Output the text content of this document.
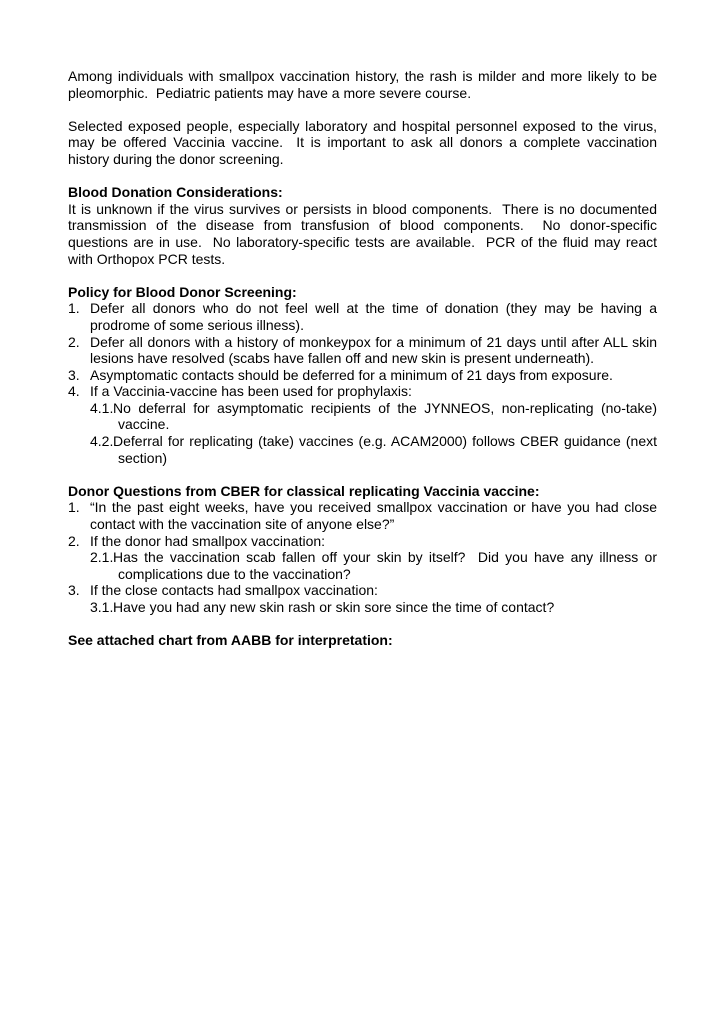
Among individuals with smallpox vaccination history, the rash is milder and more likely to be pleomorphic.  Pediatric patients may have a more severe course.
Selected exposed people, especially laboratory and hospital personnel exposed to the virus, may be offered Vaccinia vaccine.  It is important to ask all donors a complete vaccination history during the donor screening.
Blood Donation Considerations:
It is unknown if the virus survives or persists in blood components.  There is no documented transmission of the disease from transfusion of blood components.  No donor-specific questions are in use.  No laboratory-specific tests are available.  PCR of the fluid may react with Orthopox PCR tests.
Policy for Blood Donor Screening:
1. Defer all donors who do not feel well at the time of donation (they may be having a prodrome of some serious illness).
2. Defer all donors with a history of monkeypox for a minimum of 21 days until after ALL skin lesions have resolved (scabs have fallen off and new skin is present underneath).
3. Asymptomatic contacts should be deferred for a minimum of 21 days from exposure.
4. If a Vaccinia-vaccine has been used for prophylaxis:
4.1.No deferral for asymptomatic recipients of the JYNNEOS, non-replicating (no-take) vaccine.
4.2.Deferral for replicating (take) vaccines (e.g. ACAM2000) follows CBER guidance (next section)
Donor Questions from CBER for classical replicating Vaccinia vaccine:
1. “In the past eight weeks, have you received smallpox vaccination or have you had close contact with the vaccination site of anyone else?”
2. If the donor had smallpox vaccination:
2.1.Has the vaccination scab fallen off your skin by itself?  Did you have any illness or complications due to the vaccination?
3. If the close contacts had smallpox vaccination:
3.1.Have you had any new skin rash or skin sore since the time of contact?
See attached chart from AABB for interpretation:
